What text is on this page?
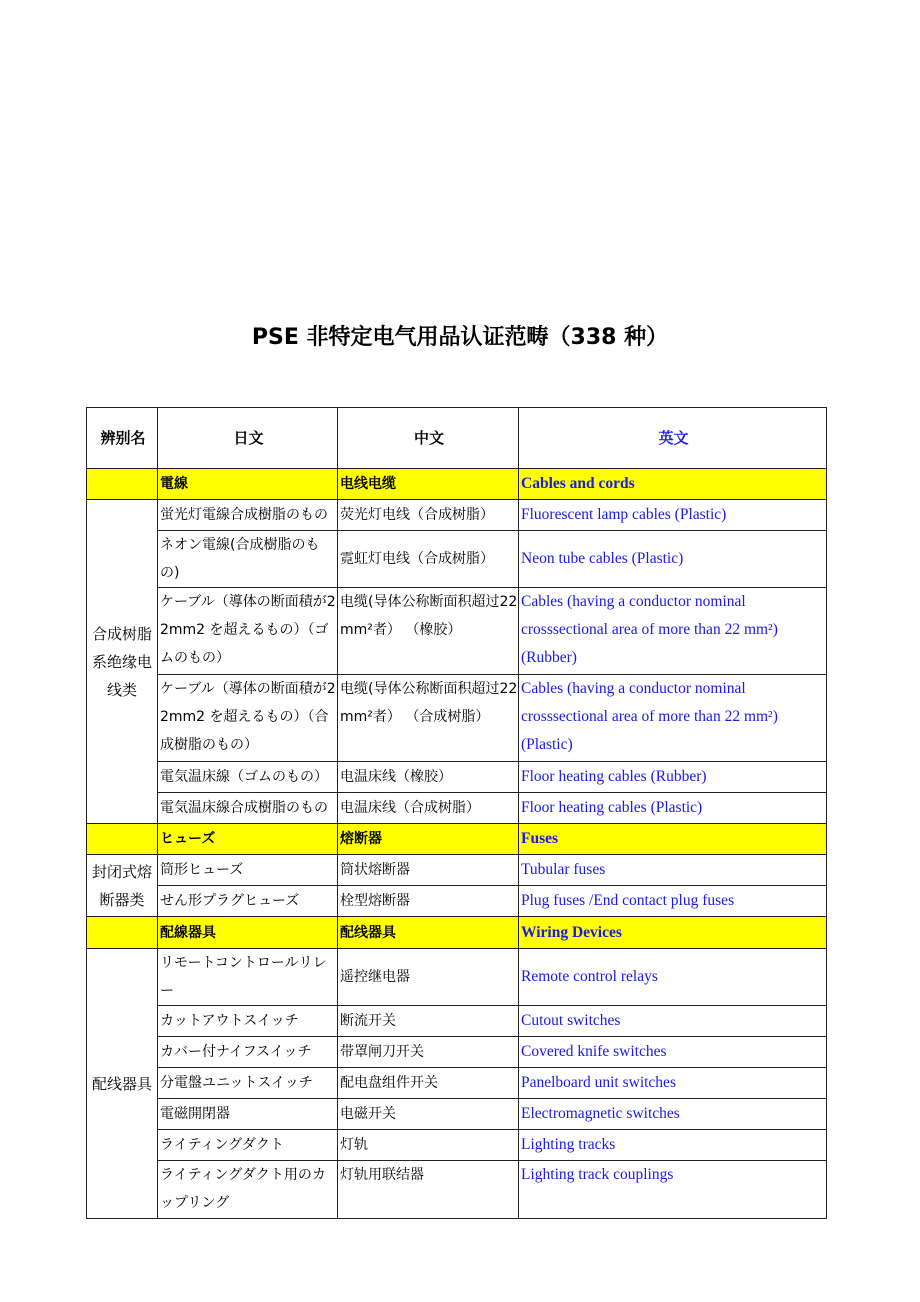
PSE 非特定电气用品认证范畴（338 种）
辨别名	日文	中文	英文
	電線	电线电缆	Cables and cords
合成树脂系绝缘电线类	蛍光灯電線合成樹脂のもの	荧光灯电线（合成树脂）	Fluorescent lamp cables (Plastic)
	ネオン電線(合成樹脂のもの)	霓虹灯电线（合成树脂）	Neon tube cables (Plastic)
	ケーブル（導体の断面積が22mm2 を超えるもの）（ゴムのもの）	电缆(导体公称断面积超过22mm²者） （橡胶）	Cables (having a conductor nominal crosssectional area of more than 22 mm²) (Rubber)
	ケーブル（導体の断面積が22mm2 を超えるもの）（合成樹脂のもの）	电缆(导体公称断面积超过22mm²者） （合成树脂）	Cables (having a conductor nominal crosssectional area of more than 22 mm²) (Plastic)
	電気温床線（ゴムのもの）	电温床线（橡胶）	Floor heating cables (Rubber)
	電気温床線合成樹脂のもの	电温床线（合成树脂）	Floor heating cables (Plastic)
	ヒューズ	熔断器	Fuses
封闭式熔断器类	筒形ヒューズ	筒状熔断器	Tubular fuses
	せん形プラグヒューズ	栓型熔断器	Plug fuses /End contact plug fuses
	配線器具	配线器具	Wiring Devices
配线器具	リモートコントロールリレー	遥控继电器	Remote control relays
	カットアウトスイッチ	断流开关	Cutout switches
	カバー付ナイフスイッチ	带罩闸刀开关	Covered knife switches
	分電盤ユニットスイッチ	配电盘组件开关	Panelboard unit switches
	電磁開閉器	电磁开关	Electromagnetic switches
	ライティングダクト	灯轨	Lighting tracks
	ライティングダクト用のカップリング	灯轨用联结器	Lighting track couplings
